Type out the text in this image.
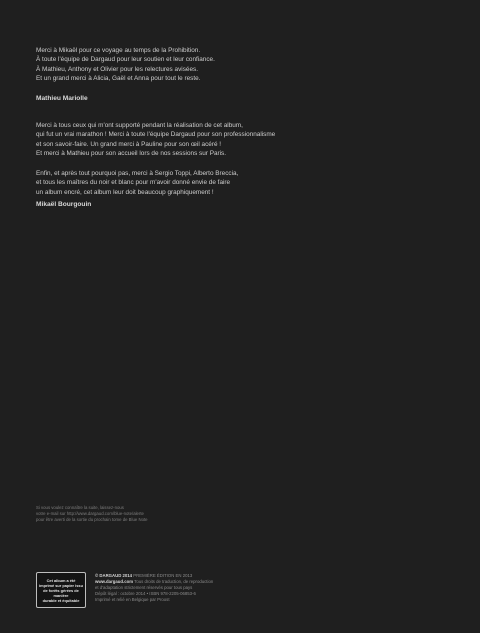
Merci à Mikaël pour ce voyage au temps de la Prohibition.

À toute l'équipe de Dargaud pour leur soutien et leur confiance.

À Mathieu, Anthony et Olivier pour les relectures avisées.

Et un grand merci à Alicia, Gaël et Anna pour tout le reste.

Mathieu Mariolle

Merci à tous ceux qui m'ont supporté pendant la réalisation de cet album,

qui fut un vrai marathon ! Merci à toute l'équipe Dargaud pour son professionnalisme

et son savoir-faire. Un grand merci à Pauline pour son œil acéré !

Et merci à Mathieu pour son accueil lors de nos sessions sur Paris.

Enfin, et après tout pourquoi pas, merci à Sergio Toppi, Alberto Breccia,

et tous les maîtres du noir et blanc pour m'avoir donné envie de faire

un album encré, cet album leur doit beaucoup graphiquement !

Mikaël Bourgouin

Si vous voulez connaître la suite, laissez-nous

votre e-mail sur http://www.dargaud.com/blue-note/alerte

pour être averti de la sortie du prochain tome de Blue Note

Cet album a été

imprimé sur papier issu

de forêts gérées de

manière

durable et équitable

© DARGAUD 2014 PREMIÈRE ÉDITION EN 2013

www.dargaud.com Tous droits de traduction, de reproduction

et d'adaptation strictement réservés pour tous pays

Dépôt légal : octobre 2014 • ISBN 978-2205-06853-6

Imprimé et relié en Belgique par Proost
